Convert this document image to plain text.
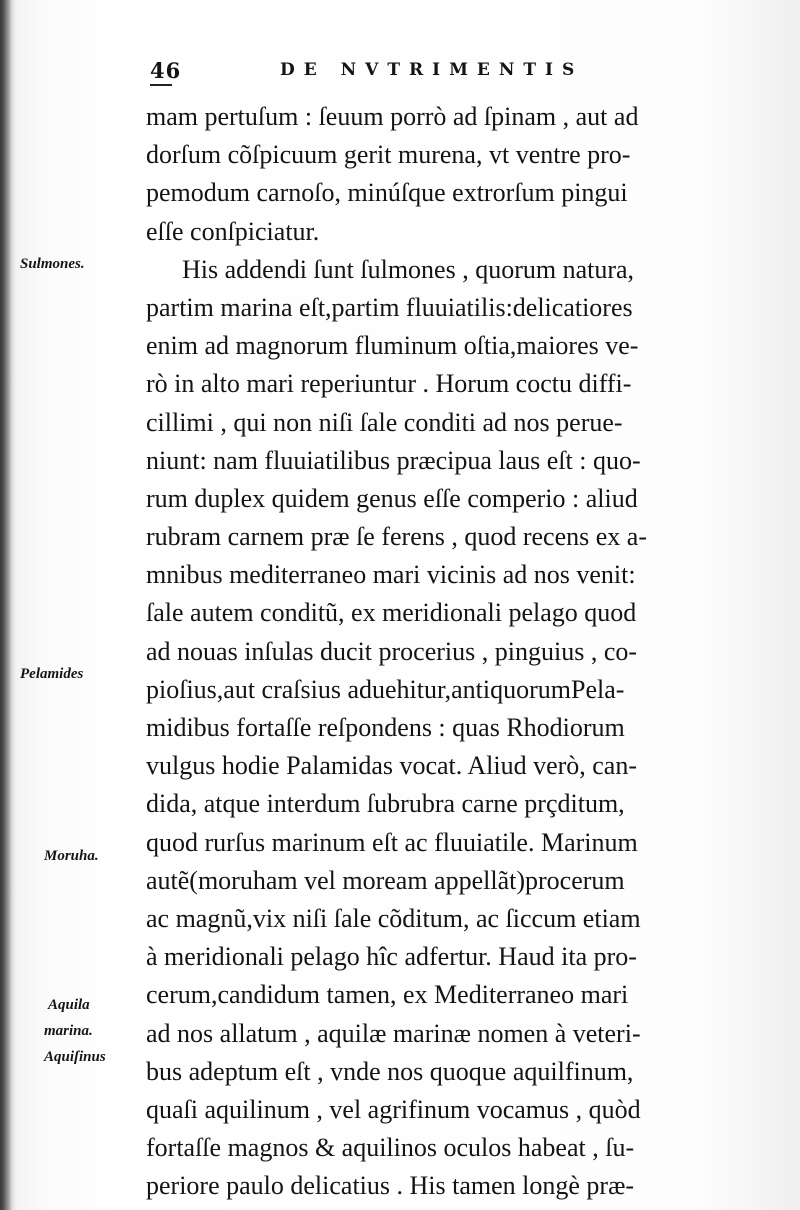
46	DE NVTRIMENTIS
mam pertuſum : ſeuum porrò ad ſpinam , aut ad
dorſum cõſpicuum gerit murena, vt ventre pro-
pemodum carnoſo, minúſque extrorſum pingui
eſſe conſpiciatur.
His addendi ſunt ſulmones , quorum natura,
partim marina eſt,partim fluuiatilis:delicatiores
enim ad magnorum fluminum oſtia,maiores ve-
rò in alto mari reperiuntur . Horum coctu diffi-
cillimi , qui non niſi ſale conditi ad nos perue-
niunt: nam fluuiatilibus præcipua laus eſt : quo-
rum duplex quidem genus eſſe comperio : aliud
rubram carnem præ ſe ferens , quod recens ex a-
mnibus mediterraneo mari vicinis ad nos venit:
ſale autem conditũ, ex meridionali pelago quod
ad nouas inſulas ducit procerius , pinguius , co-
pioſius,aut craſsius aduehitur,antiquorumPela-
midibus fortaſſe reſpondens : quas Rhodiorum
vulgus hodie Palamidas vocat. Aliud verò, can-
dida, atque interdum ſubrubra carne prçditum,
quod rurſus marinum eſt ac fluuiatile. Marinum
autẽ(moruham vel moream appellãt)procerum
ac magnũ,vix niſi ſale cõditum, ac ſiccum etiam
à meridionali pelago hîc adfertur. Haud ita pro-
cerum,candidum tamen, ex Mediterraneo mari
ad nos allatum , aquilæ marinæ nomen à veteri-
bus adeptum eſt , vnde nos quoque aquilfinum,
quaſi aquilinum , vel agrifinum vocamus , quòd
fortaſſe magnos & aquilinos oculos habeat , ſu-
periore paulo delicatius . His tamen longè præ-
Sulmones.
Pelamides
Moruha.
Aquila
marina.
Aquiſinus
